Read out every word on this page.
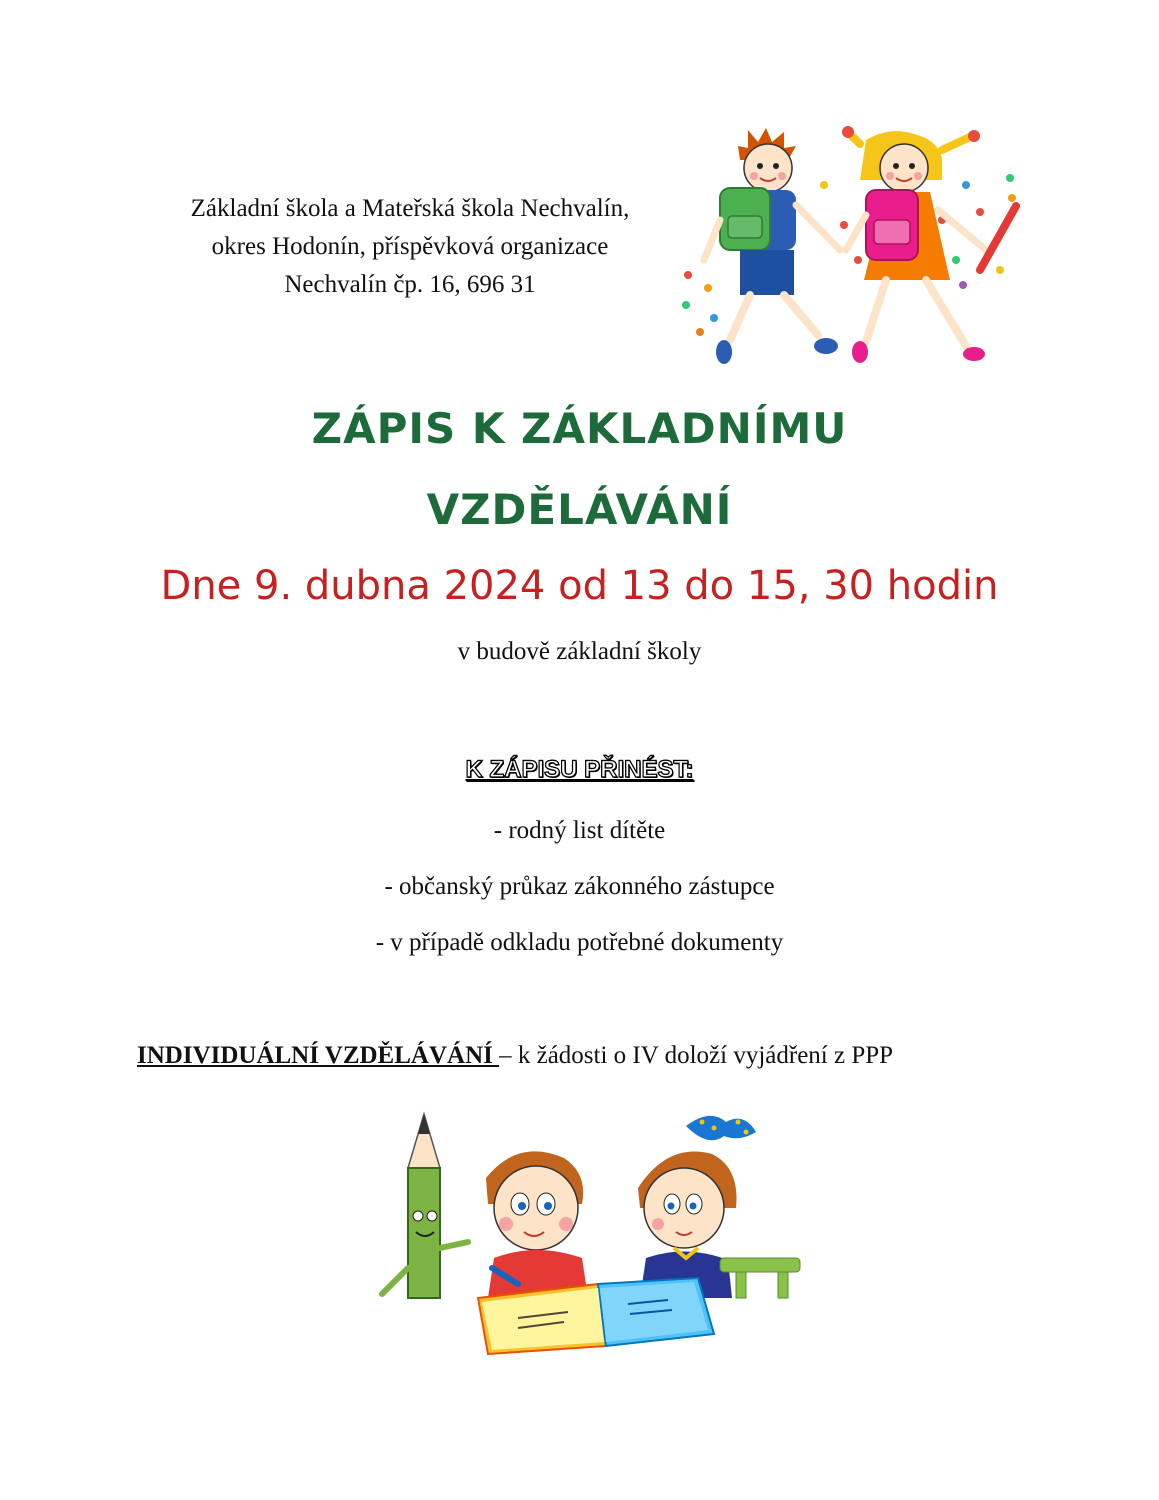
Základní škola a Mateřská škola Nechvalín,
okres Hodonín, příspěvková organizace
Nechvalín čp. 16, 696 31
ZÁPIS K ZÁKLADNÍMU
VZDĚLÁVÁNÍ
Dne 9. dubna 2024 od 13 do 15, 30 hodin
v budově základní školy
K ZÁPISU PŘINÉST:
- rodný list dítěte
- občanský průkaz zákonného zástupce
- v případě odkladu potřebné dokumenty
INDIVIDUÁLNÍ VZDĚLÁVÁNÍ – k žádosti o IV doloží vyjádření z PPP
